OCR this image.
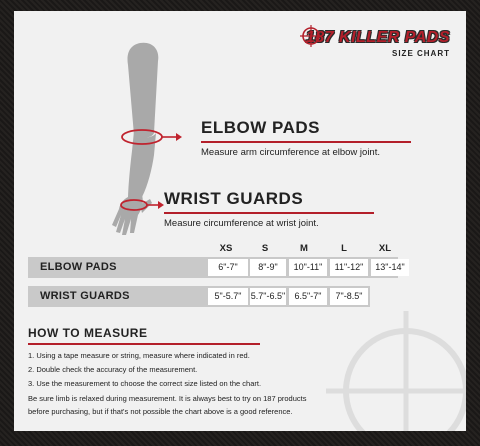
187 KILLER PADS
SIZE CHART
ELBOW PADS
Measure arm circumference at elbow joint.
WRIST GUARDS
Measure circumference at wrist joint.
XS	S	M	L	XL
ELBOW PADS	6"-7"	8"-9"	10"-11"	11"-12"	13"-14"
WRIST GUARDS	5"-5.7"	5.7"-6.5"	6.5"-7"	7"-8.5"
HOW TO MEASURE
1. Using a tape measure or string, measure where indicated in red.
2. Double check the accuracy of the measurement.
3. Use the measurement to choose the correct size listed on the chart.
Be sure limb is relaxed during measurement. It is always best to try on 187 products
before purchasing, but if that's not possible the chart above is a good reference.
